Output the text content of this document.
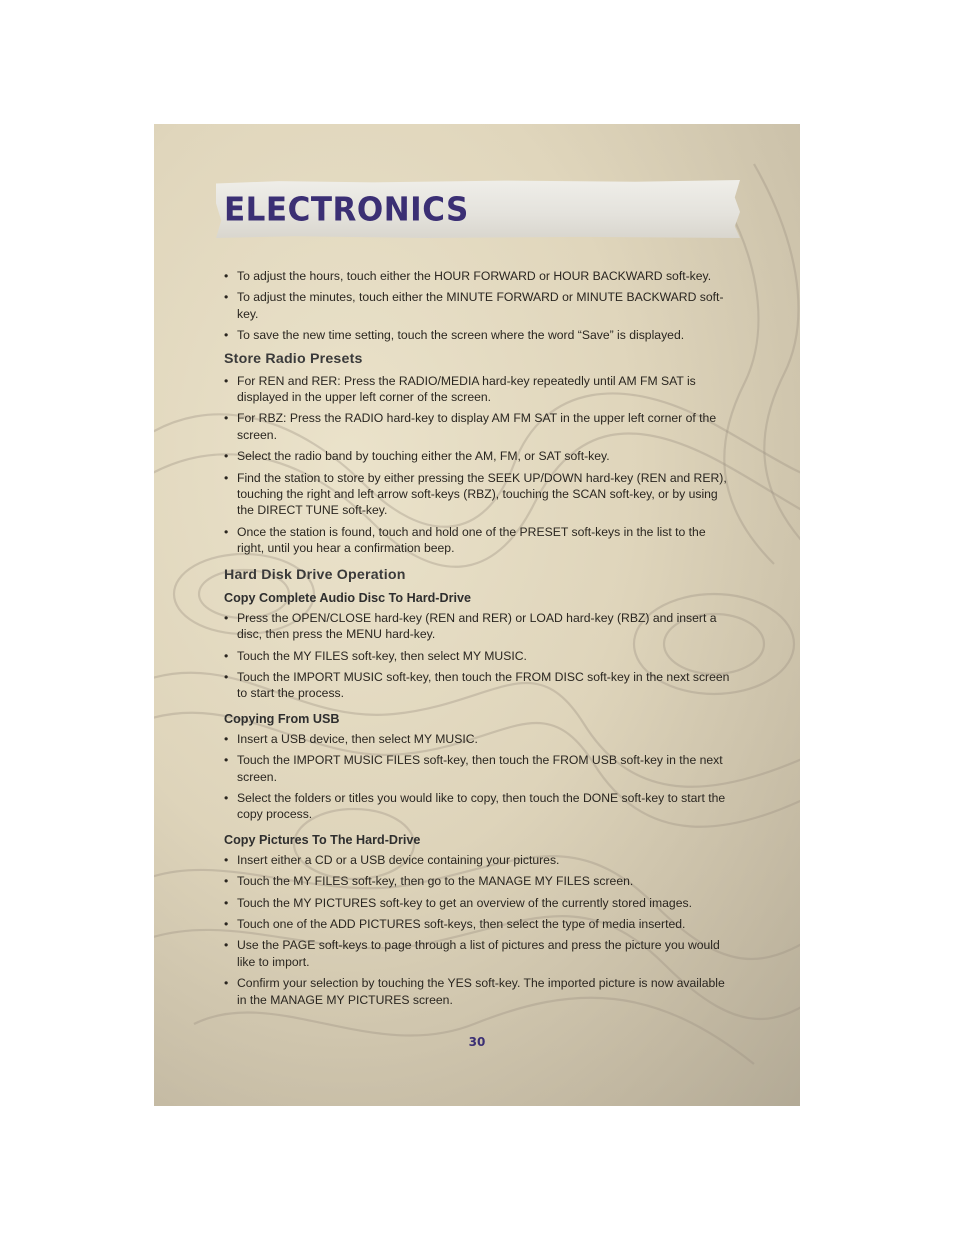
ELECTRONICS
• To adjust the hours, touch either the HOUR FORWARD or HOUR BACKWARD soft-key.
• To adjust the minutes, touch either the MINUTE FORWARD or MINUTE BACKWARD soft-key.
• To save the new time setting, touch the screen where the word “Save” is displayed.
Store Radio Presets
• For REN and RER: Press the RADIO/MEDIA hard-key repeatedly until AM FM SAT is displayed in the upper left corner of the screen.
• For RBZ: Press the RADIO hard-key to display AM FM SAT in the upper left corner of the screen.
• Select the radio band by touching either the AM, FM, or SAT soft-key.
• Find the station to store by either pressing the SEEK UP/DOWN hard-key (REN and RER), touching the right and left arrow soft-keys (RBZ), touching the SCAN soft-key, or by using the DIRECT TUNE soft-key.
• Once the station is found, touch and hold one of the PRESET soft-keys in the list to the right, until you hear a confirmation beep.
Hard Disk Drive Operation
Copy Complete Audio Disc To Hard-Drive
• Press the OPEN/CLOSE hard-key (REN and RER) or LOAD hard-key (RBZ) and insert a disc, then press the MENU hard-key.
• Touch the MY FILES soft-key, then select MY MUSIC.
• Touch the IMPORT MUSIC soft-key, then touch the FROM DISC soft-key in the next screen to start the process.
Copying From USB
• Insert a USB device, then select MY MUSIC.
• Touch the IMPORT MUSIC FILES soft-key, then touch the FROM USB soft-key in the next screen.
• Select the folders or titles you would like to copy, then touch the DONE soft-key to start the copy process.
Copy Pictures To The Hard-Drive
• Insert either a CD or a USB device containing your pictures.
• Touch the MY FILES soft-key, then go to the MANAGE MY FILES screen.
• Touch the MY PICTURES soft-key to get an overview of the currently stored images.
• Touch one of the ADD PICTURES soft-keys, then select the type of media inserted.
• Use the PAGE soft-keys to page through a list of pictures and press the picture you would like to import.
• Confirm your selection by touching the YES soft-key. The imported picture is now available in the MANAGE MY PICTURES screen.
30
